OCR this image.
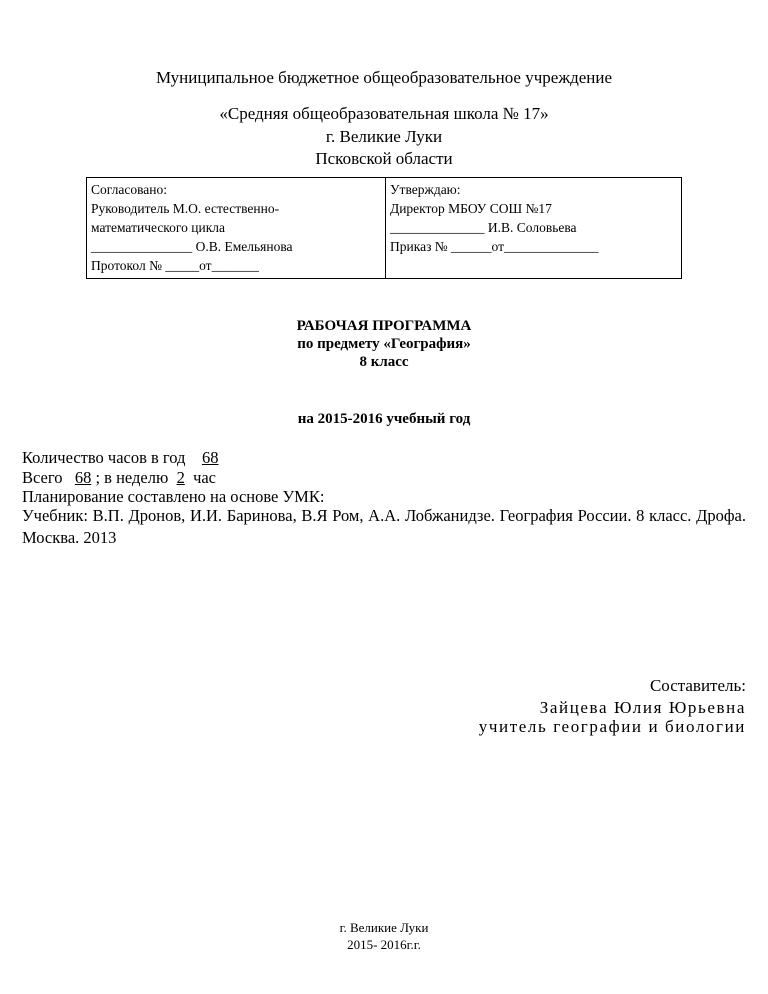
Муниципальное бюджетное общеобразовательное учреждение
«Средняя общеобразовательная школа № 17»
г. Великие Луки
Псковской области
Согласовано:
Руководитель М.О. естественно-
математического цикла
_______________ О.В. Емельянова
Протокол № _____от_______

Утверждаю:
Директор МБОУ СОШ №17
______________ И.В. Соловьева
Приказ № ______от______________
РАБОЧАЯ ПРОГРАММА
по предмету «География»
8 класс
на 2015-2016 учебный год
Количество часов в год 68
Всего 68 ; в неделю 2 час
Планирование составлено на основе УМК:
Учебник: В.П. Дронов, И.И. Баринова, В.Я Ром, А.А. Лобжанидзе. География России. 8 класс. Дрофа. Москва. 2013
Составитель:
Зайцева Юлия Юрьевна
учитель географии и биологии
г. Великие Луки
2015- 2016г.г.
